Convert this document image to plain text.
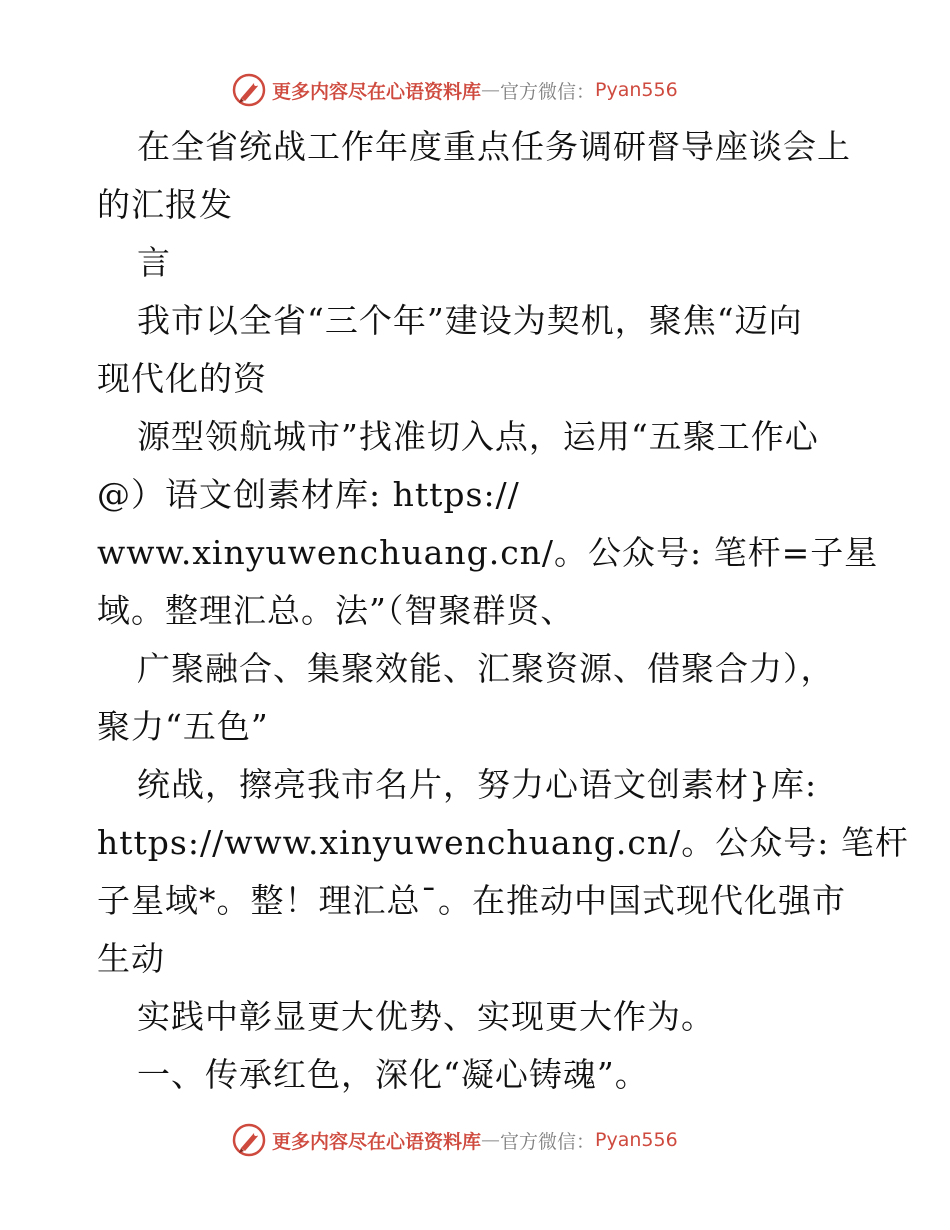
更多内容尽在心语资料库 — 官方微信： Pyan556
在全省统战工作年度重点任务调研督导座谈会上
的汇报发
言
我市以全省“三个年”建设为契机，聚焦“迈向
现代化的资
源型领航城市”找准切入点，运用“五聚工作心
@）语文创素材库: https://
www.xinyuwenchuang.cn/。公众号: 笔杆=子星
域。整理汇总。法”（智聚群贤、
广聚融合、集聚效能、汇聚资源、借聚合力），
聚力“五色”
统战，擦亮我市名片，努力心语文创素材}库:
https://www.xinyuwenchuang.cn/。公众号: 笔杆
子星域*。整！理汇总¯。在推动中国式现代化强市
生动
实践中彰显更大优势、实现更大作为。
一、传承红色，深化“凝心铸魂”。
更多内容尽在心语资料库 — 官方微信： Pyan556
